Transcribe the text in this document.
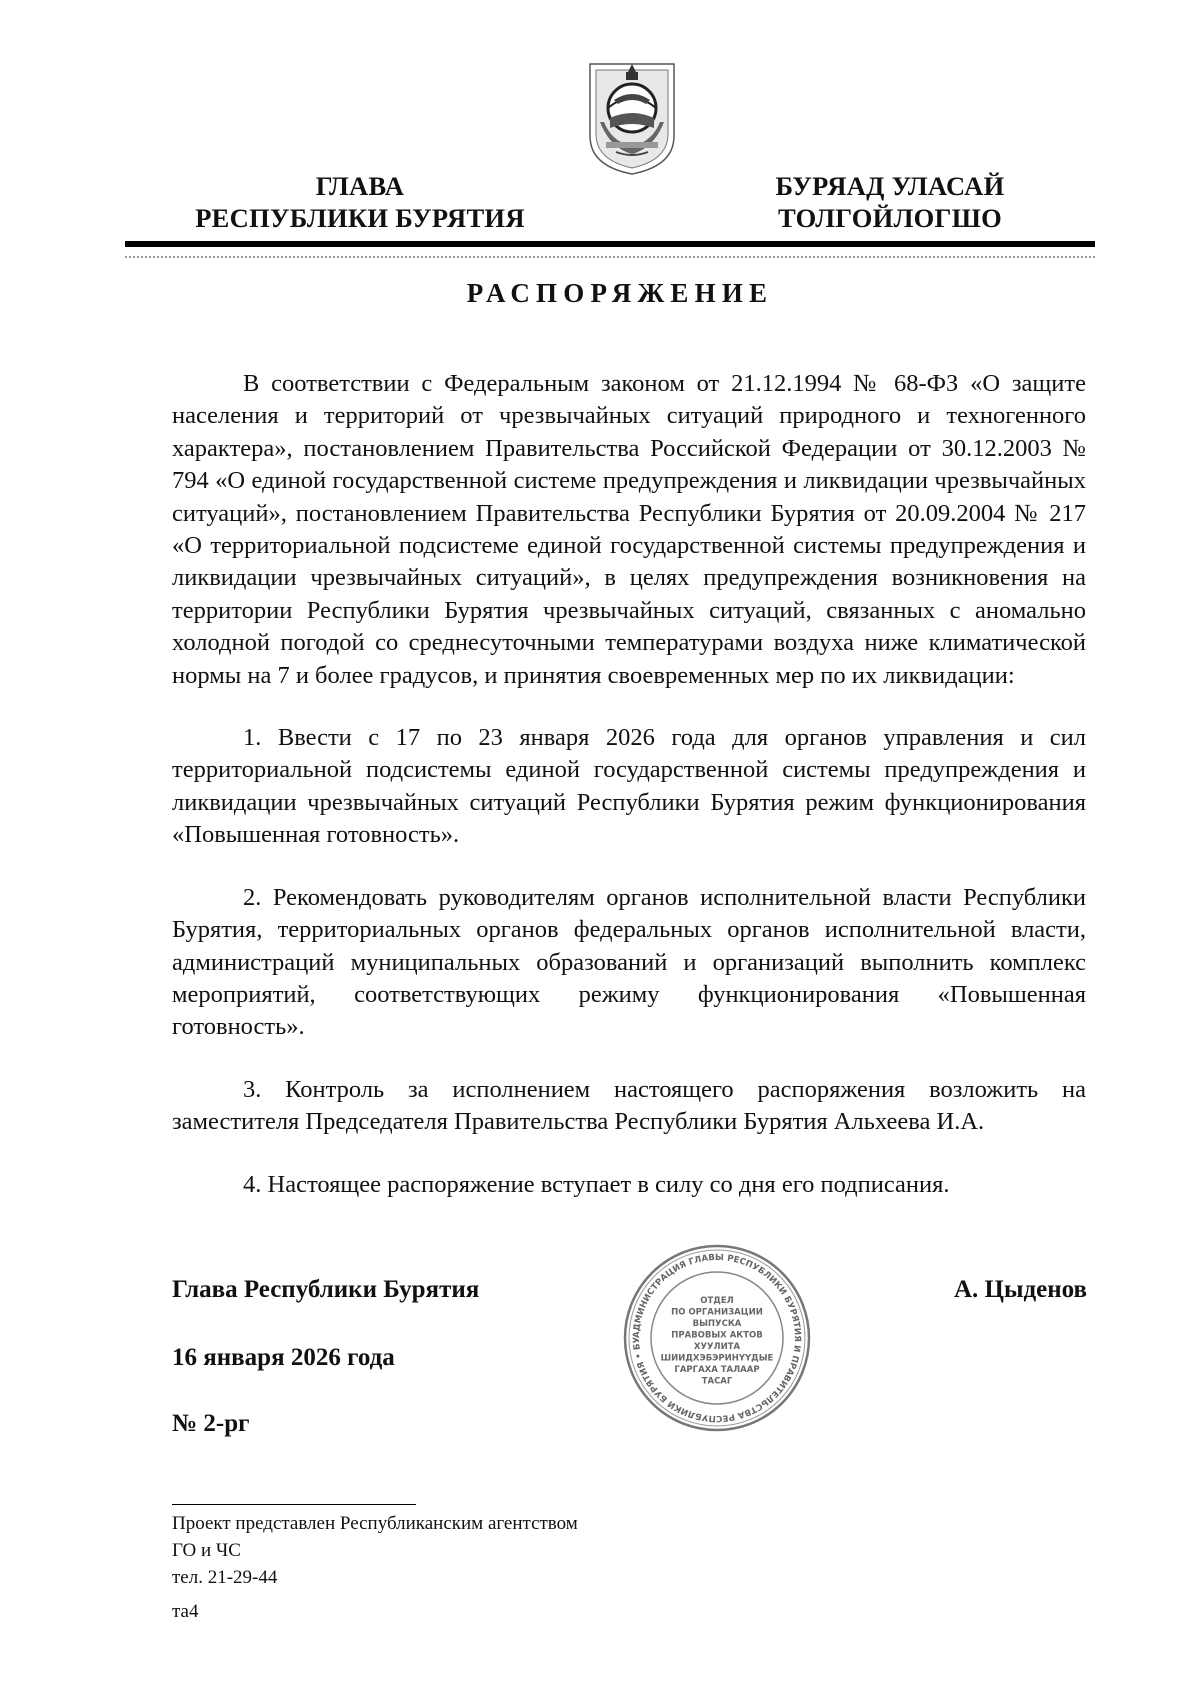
ГЛАВА
РЕСПУБЛИКИ БУРЯТИЯ
БУРЯАД УЛАСАЙ
ТОЛГОЙЛОГШО
РАСПОРЯЖЕНИЕ

В соответствии с Федеральным законом от 21.12.1994 № 68-ФЗ «О защите населения и территорий от чрезвычайных ситуаций природного и техногенного характера», постановлением Правительства Российской Федерации от 30.12.2003 № 794 «О единой государственной системе предупреждения и ликвидации чрезвычайных ситуаций», постановлением Правительства Республики Бурятия от 20.09.2004 № 217 «О территориальной подсистеме единой государственной системы предупреждения и ликвидации чрезвычайных ситуаций», в целях предупреждения возникновения на территории Республики Бурятия чрезвычайных ситуаций, связанных с аномально холодной погодой со среднесуточными температурами воздуха ниже климатической нормы на 7 и более градусов, и принятия своевременных мер по их ликвидации:

1. Ввести с 17 по 23 января 2026 года для органов управления и сил территориальной подсистемы единой государственной системы предупреждения и ликвидации чрезвычайных ситуаций Республики Бурятия режим функционирования «Повышенная готовность».

2. Рекомендовать руководителям органов исполнительной власти Республики Бурятия, территориальных органов федеральных органов исполнительной власти, администраций муниципальных образований и организаций выполнить комплекс мероприятий, соответствующих режиму функционирования «Повышенная готовность».

3. Контроль за исполнением настоящего распоряжения возложить на заместителя Председателя Правительства Республики Бурятия Альхеева И.А.

4. Настоящее распоряжение вступает в силу со дня его подписания.

Глава Республики Бурятия	А. Цыденов
16 января 2026 года
№ 2-рг
АДМИНИСТРАЦИЯ ГЛАВЫ РЕСПУБЛИКИ БУРЯТИЯ И ПРАВИТЕЛЬСТВА РЕСПУБЛИКИ БУРЯТИЯ • БУ
ОТДЕЛ
ПО ОРГАНИЗАЦИИ
ВЫПУСКА
ПРАВОВЫХ АКТОВ
ХУУЛИТА
ШИИДХЭБЭРИНҮҮДЫЕ
ГАРГАХА ТАЛААР
ТАСАГ
Проект представлен Республиканским агентством
ГО и ЧС
тел. 21-29-44
та4
